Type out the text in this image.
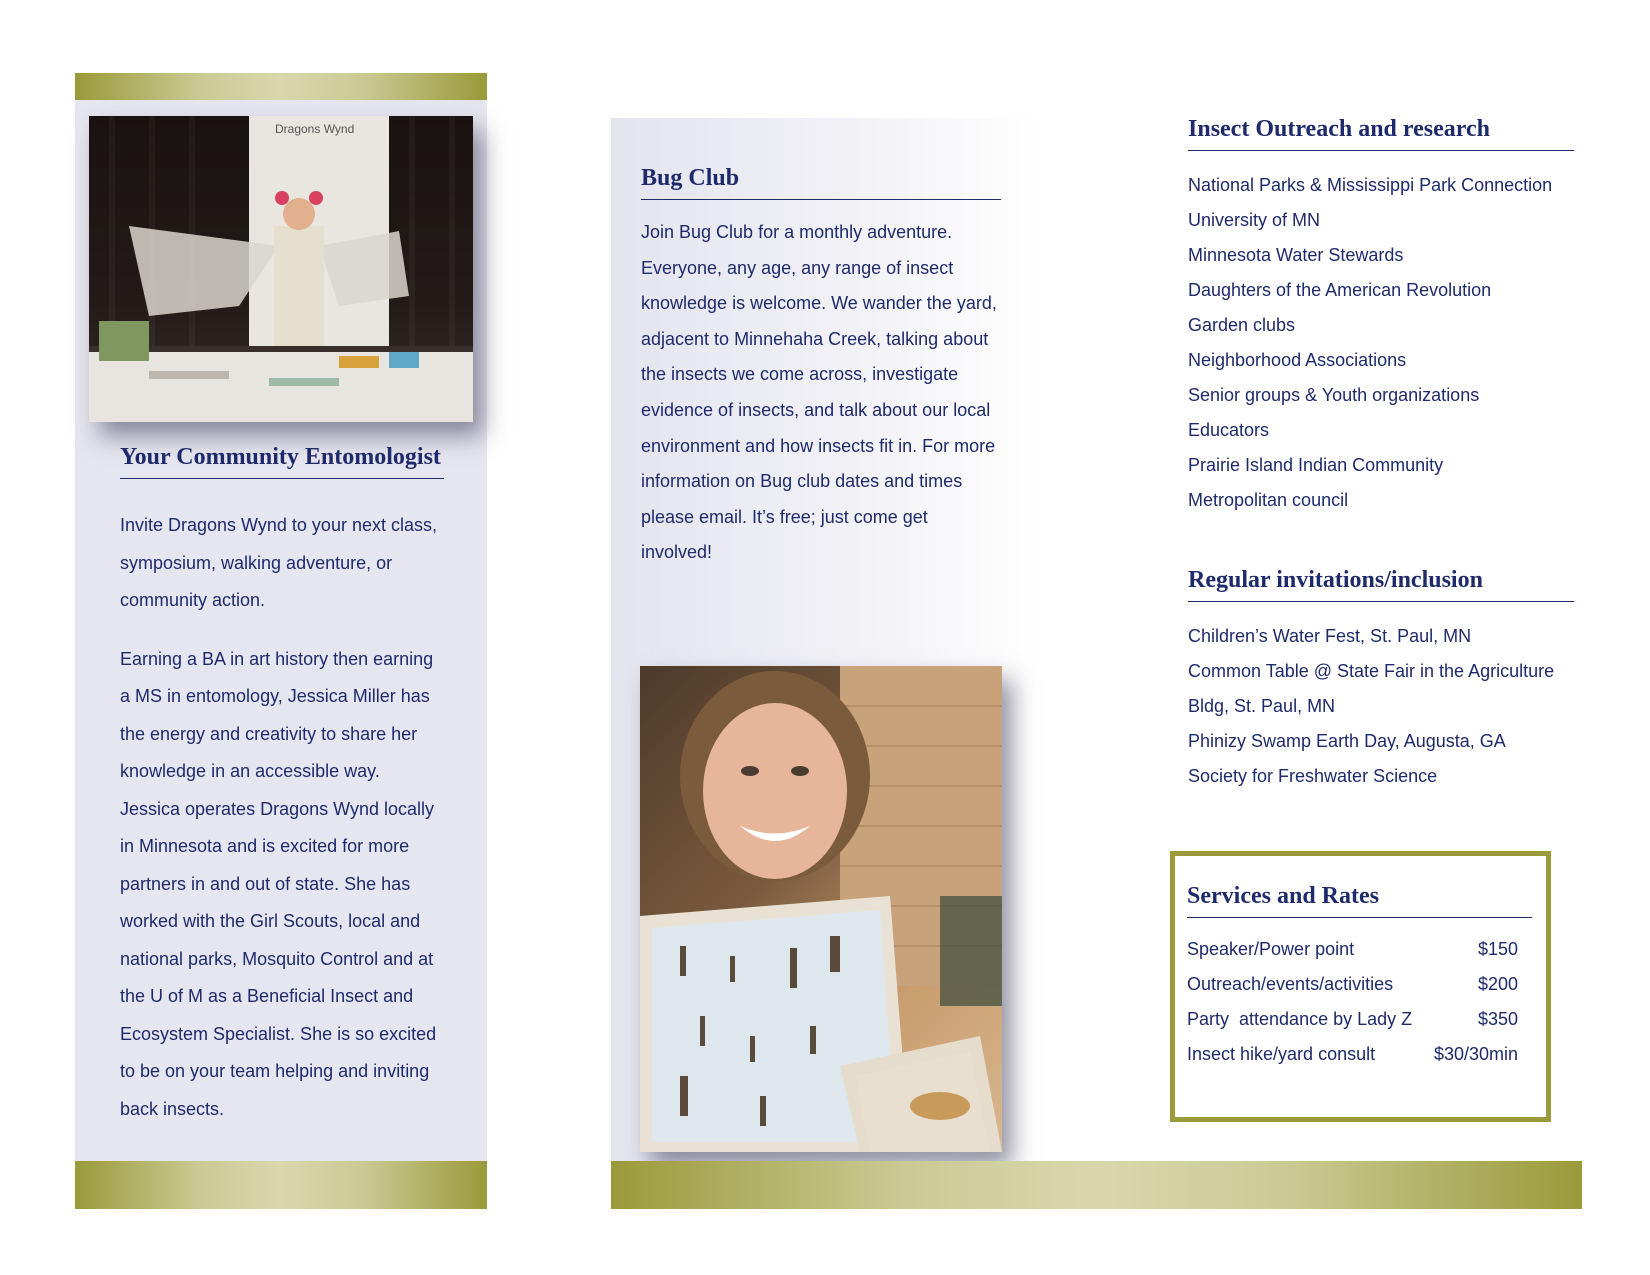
Dragons Wynd
Your Community Entomologist

Invite Dragons Wynd to your next class, symposium, walking adventure, or community action.

Earning a BA in art history then earning a MS in entomology, Jessica Miller has the energy and creativity to share her knowledge in an accessible way. Jessica operates Dragons Wynd locally in Minnesota and is excited for more partners in and out of state. She has worked with the Girl Scouts, local and national parks, Mosquito Control and at the U of M as a Beneficial Insect and Ecosystem Specialist. She is so excited to be on your team helping and inviting back insects.

Bug Club

Join Bug Club for a monthly adventure. Everyone, any age, any range of insect knowledge is welcome. We wander the yard, adjacent to Minnehaha Creek, talking about the insects we come across, investigate evidence of insects, and talk about our local environment and how insects fit in. For more information on Bug club dates and times please email. It’s free; just come get involved!

Insect Outreach and research
National Parks & Mississippi Park Connection
University of MN
Minnesota Water Stewards
Daughters of the American Revolution
Garden clubs
Neighborhood Associations
Senior groups & Youth organizations
Educators
Prairie Island Indian Community
Metropolitan council
Regular invitations/inclusion
Children’s Water Fest, St. Paul, MN
Common Table @ State Fair in the Agriculture
Bldg, St. Paul, MN
Phinizy Swamp Earth Day, Augusta, GA
Society for Freshwater Science
Services and Rates
Speaker/Power point	$150
Outreach/events/activities	$200
Party  attendance by Lady Z	$350
Insect hike/yard consult	$30/30min
